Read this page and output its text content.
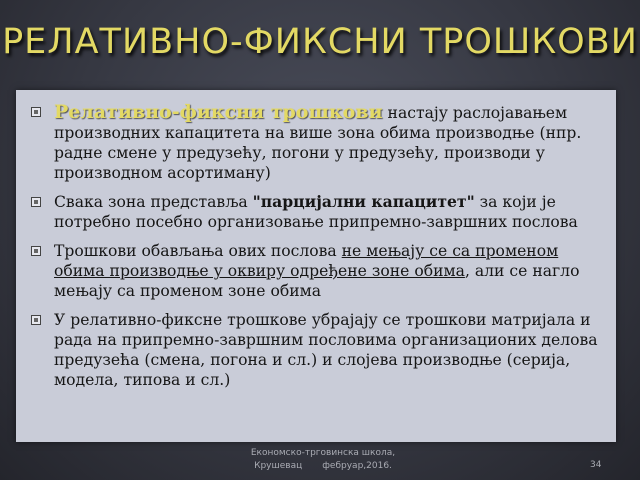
РЕЛАТИВНО-ФИКСНИ ТРОШКОВИ
Релативно-фиксни трошкови настају раслојавањем производних капацитета на више зона обима производње (нпр. радне смене у предузећу, погони у предузећу, производи у производном асортиману)
Свака зона представља "парцијални капацитет" за који је потребно посебно организовање припремно-завршних послова
Трошкови обављања ових послова не мењају се са променом обима производње у оквиру одређене зоне обима, али се нагло мењају са променом зоне обима
У релативно-фиксне трошкове убрајају се трошкови матријала и рада на припремно-завршним пословима организационих делова предузећа (смена, погона и сл.) и слојева производње (серија, модела, типова и сл.)
Економско-трговинска школа,
Крушевац       фебруар,2016.	34
